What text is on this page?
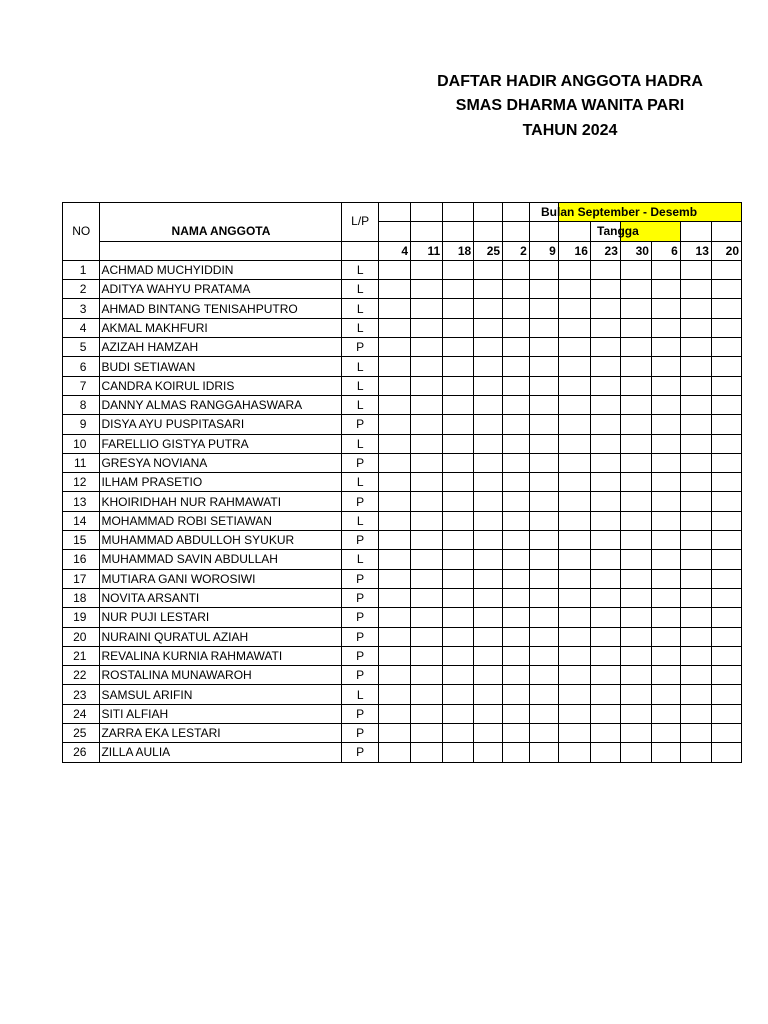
DAFTAR HADIR ANGGOTA HADRA
SMAS DHARMA WANITA PARI
TAHUN 2024
NO		L/P												
	NAMA ANGGOTA													
			4	11	18	25	2	9	16	23	30	6	13	20
1	ACHMAD MUCHYIDDIN	L												
2	ADITYA WAHYU PRATAMA	L												
3	AHMAD BINTANG TENISAHPUTRO	L												
4	AKMAL MAKHFURI	L												
5	AZIZAH HAMZAH	P												
6	BUDI SETIAWAN	L												
7	CANDRA KOIRUL IDRIS	L												
8	DANNY ALMAS RANGGAHASWARA	L												
9	DISYA AYU PUSPITASARI	P												
10	FARELLIO GISTYA PUTRA	L												
11	GRESYA NOVIANA	P												
12	ILHAM PRASETIO	L												
13	KHOIRIDHAH NUR RAHMAWATI	P												
14	MOHAMMAD ROBI SETIAWAN	L												
15	MUHAMMAD ABDULLOH SYUKUR	P												
16	MUHAMMAD SAVIN ABDULLAH	L												
17	MUTIARA GANI WOROSIWI	P												
18	NOVITA ARSANTI	P												
19	NUR PUJI LESTARI	P												
20	NURAINI QURATUL AZIAH	P												
21	REVALINA KURNIA RAHMAWATI	P												
22	ROSTALINA MUNAWAROH	P												
23	SAMSUL ARIFIN	L												
24	SITI ALFIAH	P												
25	ZARRA EKA LESTARI	P												
26	ZILLA AULIA	P												
Bulan September - Desemb
Tangga
